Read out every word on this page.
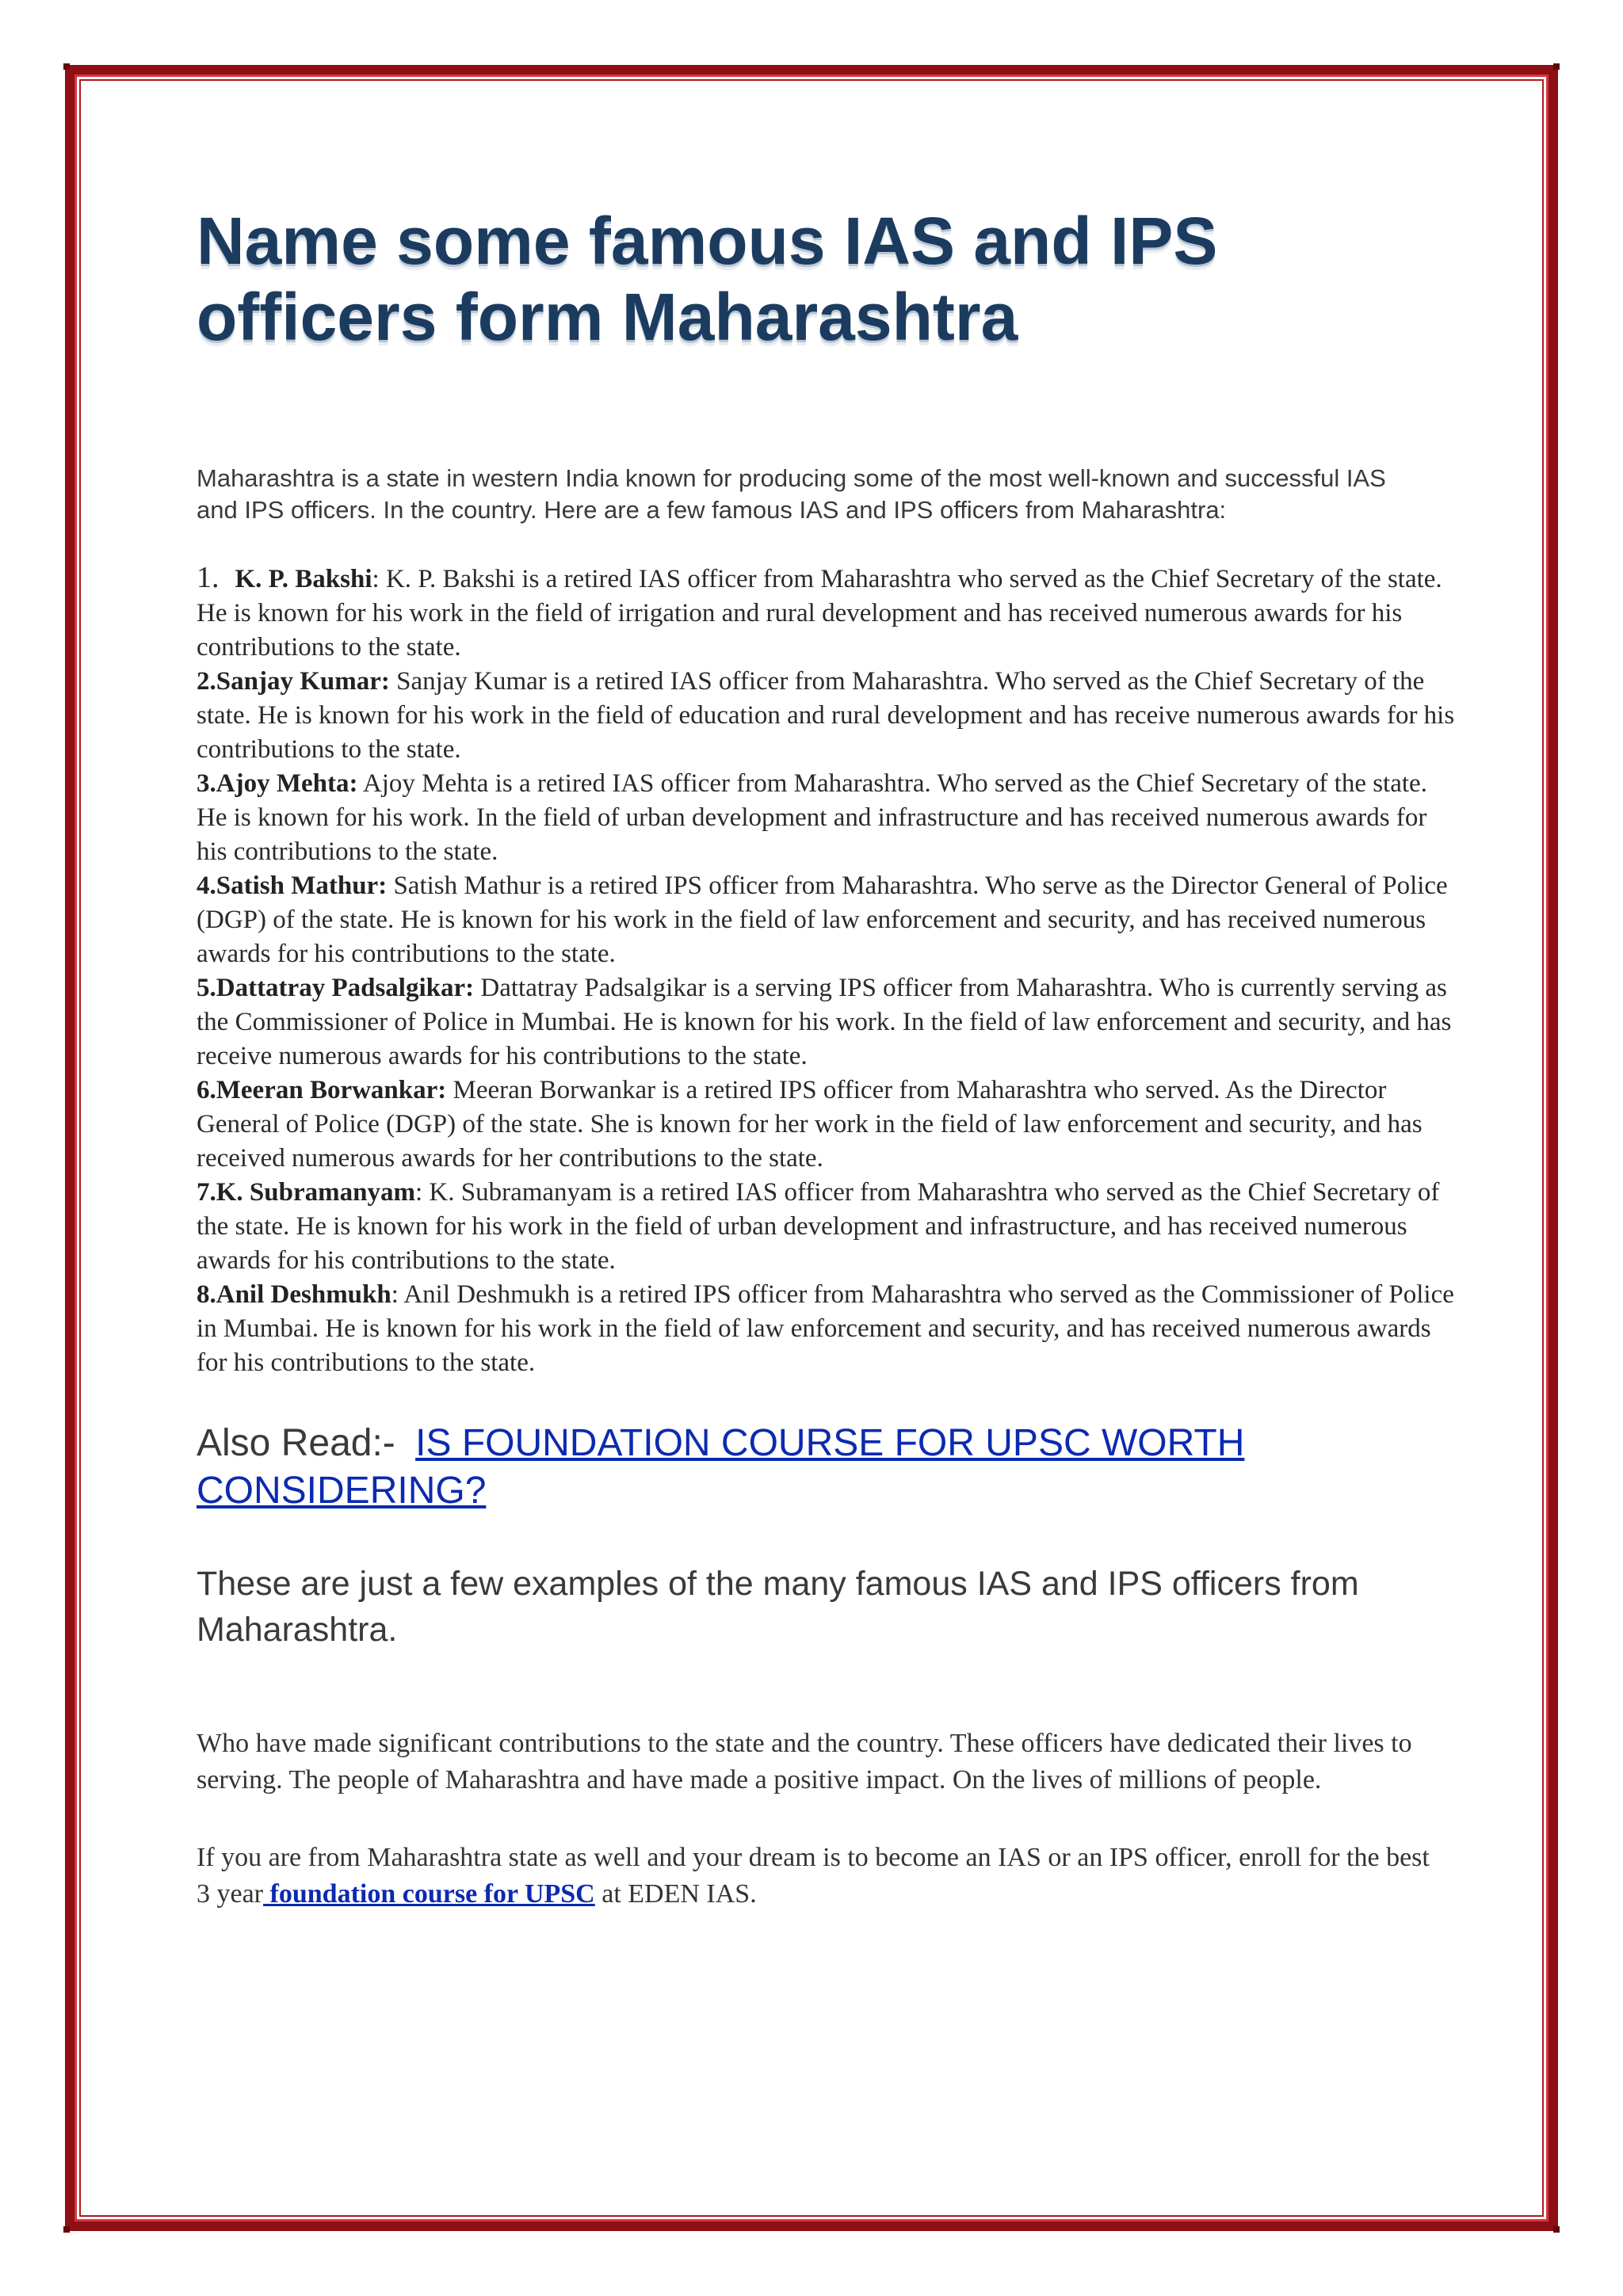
Name some famous IAS and IPS officers form Maharashtra

Maharashtra is a state in western India known for producing some of the most well-known and successful IAS and IPS officers. In the country. Here are a few famous IAS and IPS officers from Maharashtra:

1. K. P. Bakshi: K. P. Bakshi is a retired IAS officer from Maharashtra who served as the Chief Secretary of the state. He is known for his work in the field of irrigation and rural development and has received numerous awards for his contributions to the state.

2.Sanjay Kumar: Sanjay Kumar is a retired IAS officer from Maharashtra. Who served as the Chief Secretary of the state. He is known for his work in the field of education and rural development and has receive numerous awards for his contributions to the state.

3.Ajoy Mehta: Ajoy Mehta is a retired IAS officer from Maharashtra. Who served as the Chief Secretary of the state. He is known for his work. In the field of urban development and infrastructure and has received numerous awards for his contributions to the state.

4.Satish Mathur: Satish Mathur is a retired IPS officer from Maharashtra. Who serve as the Director General of Police (DGP) of the state. He is known for his work in the field of law enforcement and security, and has received numerous awards for his contributions to the state.

5.Dattatray Padsalgikar: Dattatray Padsalgikar is a serving IPS officer from Maharashtra. Who is currently serving as the Commissioner of Police in Mumbai. He is known for his work. In the field of law enforcement and security, and has receive numerous awards for his contributions to the state.

6.Meeran Borwankar: Meeran Borwankar is a retired IPS officer from Maharashtra who served. As the Director General of Police (DGP) of the state. She is known for her work in the field of law enforcement and security, and has received numerous awards for her contributions to the state.

7.K. Subramanyam: K. Subramanyam is a retired IAS officer from Maharashtra who served as the Chief Secretary of the state. He is known for his work in the field of urban development and infrastructure, and has received numerous awards for his contributions to the state.

8.Anil Deshmukh: Anil Deshmukh is a retired IPS officer from Maharashtra who served as the Commissioner of Police in Mumbai. He is known for his work in the field of law enforcement and security, and has received numerous awards for his contributions to the state.

Also Read:- IS FOUNDATION COURSE FOR UPSC WORTH CONSIDERING?

These are just a few examples of the many famous IAS and IPS officers from Maharashtra.

Who have made significant contributions to the state and the country. These officers have dedicated their lives to serving. The people of Maharashtra and have made a positive impact. On the lives of millions of people.

If you are from Maharashtra state as well and your dream is to become an IAS or an IPS officer, enroll for the best 3 year foundation course for UPSC at EDEN IAS.
